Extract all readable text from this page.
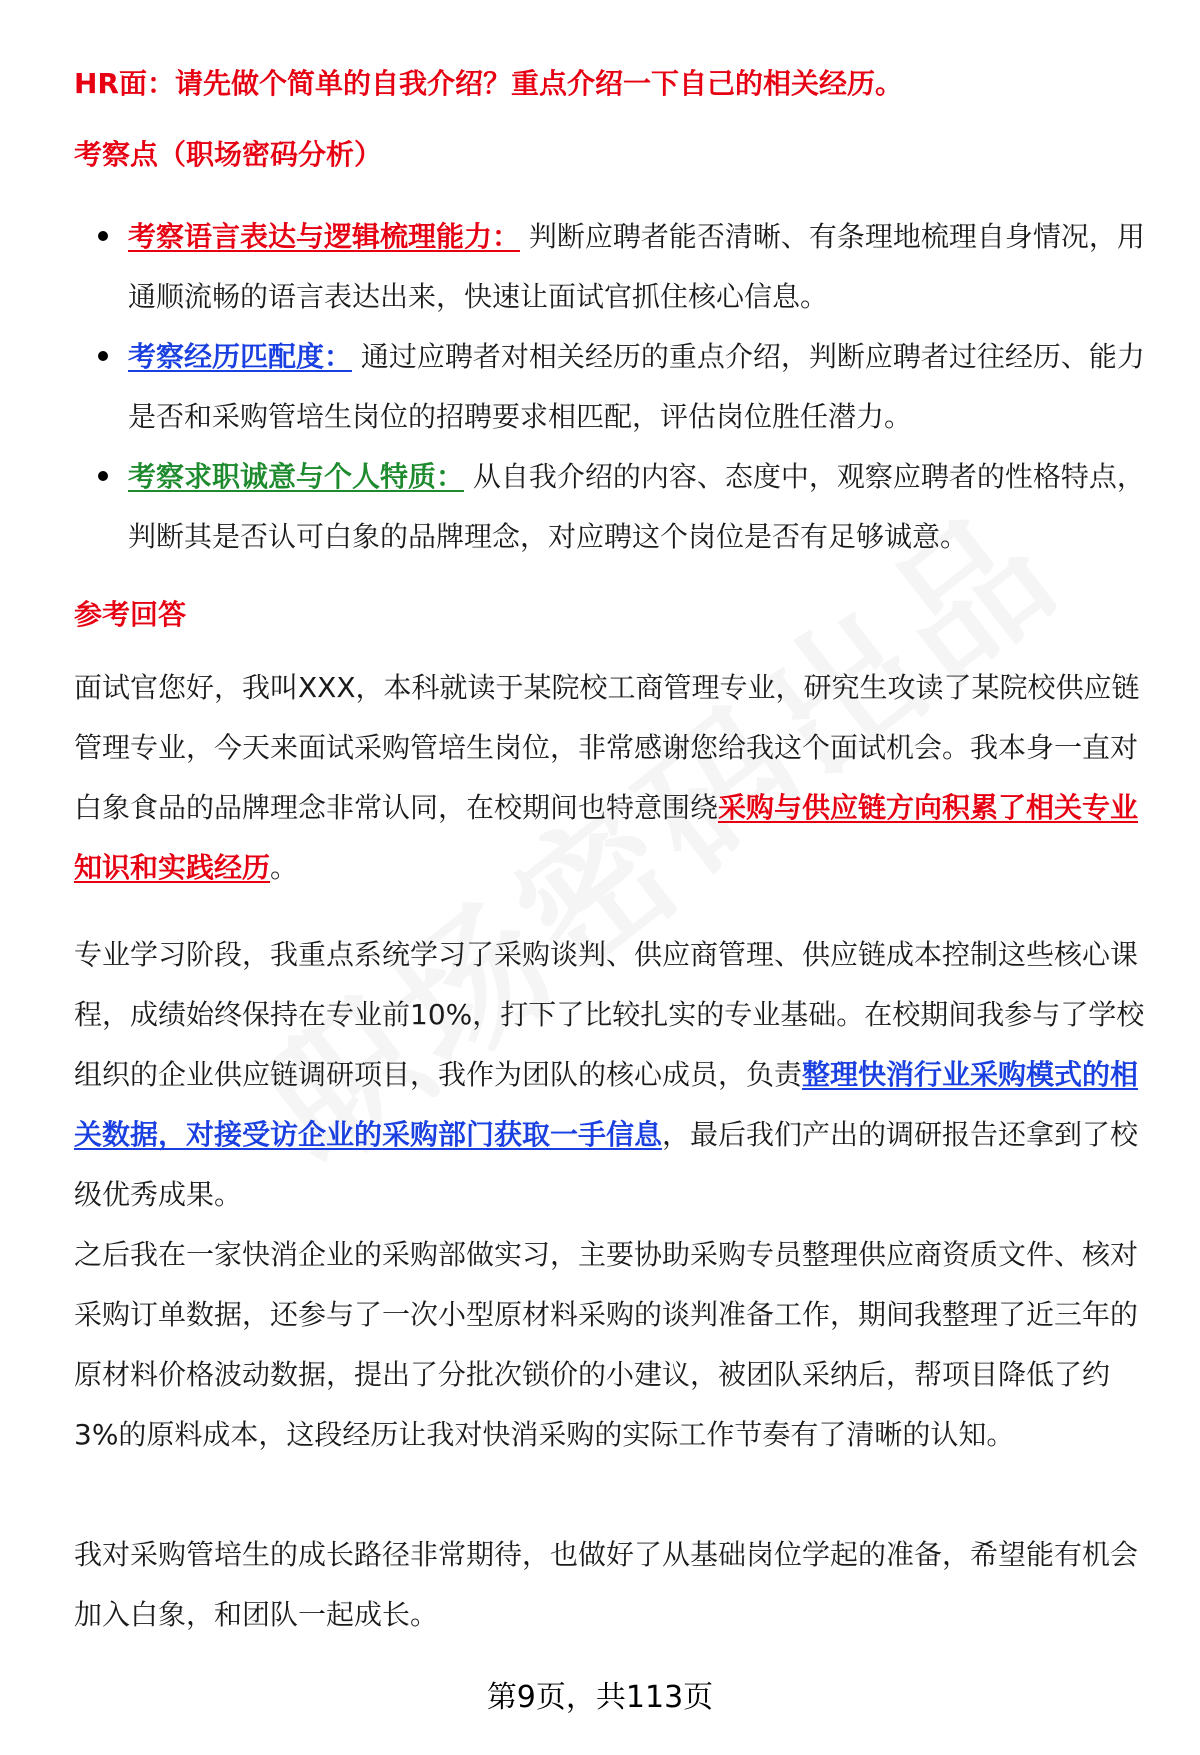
HR面：请先做个简单的自我介绍？重点介绍一下自己的相关经历。
考察点（职场密码分析）
考察语言表达与逻辑梳理能力： 判断应聘者能否清晰、有条理地梳理自身情况，用通顺流畅的语言表达出来，快速让面试官抓住核心信息。
考察经历匹配度： 通过应聘者对相关经历的重点介绍，判断应聘者过往经历、能力是否和采购管培生岗位的招聘要求相匹配，评估岗位胜任潜力。
考察求职诚意与个人特质： 从自我介绍的内容、态度中，观察应聘者的性格特点，判断其是否认可白象的品牌理念，对应聘这个岗位是否有足够诚意。
参考回答

面试官您好，我叫XXX，本科就读于某院校工商管理专业，研究生攻读了某院校供应链管理专业，今天来面试采购管培生岗位，非常感谢您给我这个面试机会。我本身一直对白象食品的品牌理念非常认同，在校期间也特意围绕采购与供应链方向积累了相关专业知识和实践经历。

专业学习阶段，我重点系统学习了采购谈判、供应商管理、供应链成本控制这些核心课程，成绩始终保持在专业前10%，打下了比较扎实的专业基础。在校期间我参与了学校组织的企业供应链调研项目，我作为团队的核心成员，负责整理快消行业采购模式的相关数据，对接受访企业的采购部门获取一手信息，最后我们产出的调研报告还拿到了校级优秀成果。

之后我在一家快消企业的采购部做实习，主要协助采购专员整理供应商资质文件、核对采购订单数据，还参与了一次小型原材料采购的谈判准备工作，期间我整理了近三年的原材料价格波动数据，提出了分批次锁价的小建议，被团队采纳后，帮项目降低了约3%的原料成本，这段经历让我对快消采购的实际工作节奏有了清晰的认知。

我对采购管培生的成长路径非常期待，也做好了从基础岗位学起的准备，希望能有机会加入白象，和团队一起成长。

第9页，共113页
